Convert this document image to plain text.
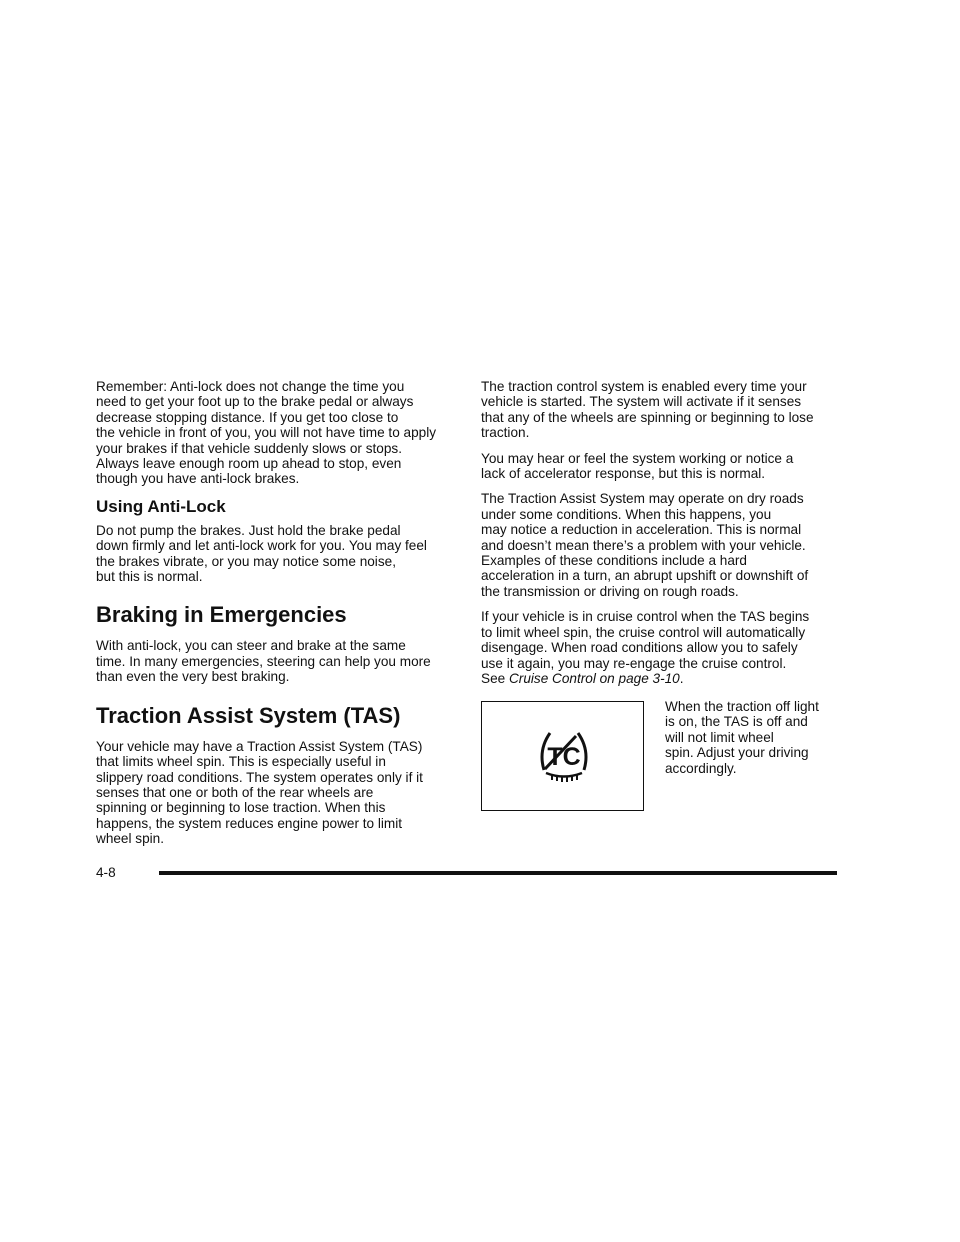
Remember: Anti-lock does not change the time you
need to get your foot up to the brake pedal or always
decrease stopping distance. If you get too close to
the vehicle in front of you, you will not have time to apply
your brakes if that vehicle suddenly slows or stops.
Always leave enough room up ahead to stop, even
though you have anti-lock brakes.

Using Anti-Lock

Do not pump the brakes. Just hold the brake pedal
down firmly and let anti-lock work for you. You may feel
the brakes vibrate, or you may notice some noise,
but this is normal.

Braking in Emergencies

With anti-lock, you can steer and brake at the same
time. In many emergencies, steering can help you more
than even the very best braking.

Traction Assist System (TAS)

Your vehicle may have a Traction Assist System (TAS)
that limits wheel spin. This is especially useful in
slippery road conditions. The system operates only if it
senses that one or both of the rear wheels are
spinning or beginning to lose traction. When this
happens, the system reduces engine power to limit
wheel spin.

The traction control system is enabled every time your
vehicle is started. The system will activate if it senses
that any of the wheels are spinning or beginning to lose
traction.

You may hear or feel the system working or notice a
lack of accelerator response, but this is normal.

The Traction Assist System may operate on dry roads
under some conditions. When this happens, you
may notice a reduction in acceleration. This is normal
and doesn’t mean there’s a problem with your vehicle.
Examples of these conditions include a hard
acceleration in a turn, an abrupt upshift or downshift of
the transmission or driving on rough roads.

If your vehicle is in cruise control when the TAS begins
to limit wheel spin, the cruise control will automatically
disengage. When road conditions allow you to safely
use it again, you may re-engage the cruise control.
See Cruise Control on page 3-10.

TC

When the traction off light
is on, the TAS is off and
will not limit wheel
spin. Adjust your driving
accordingly.

4-8
